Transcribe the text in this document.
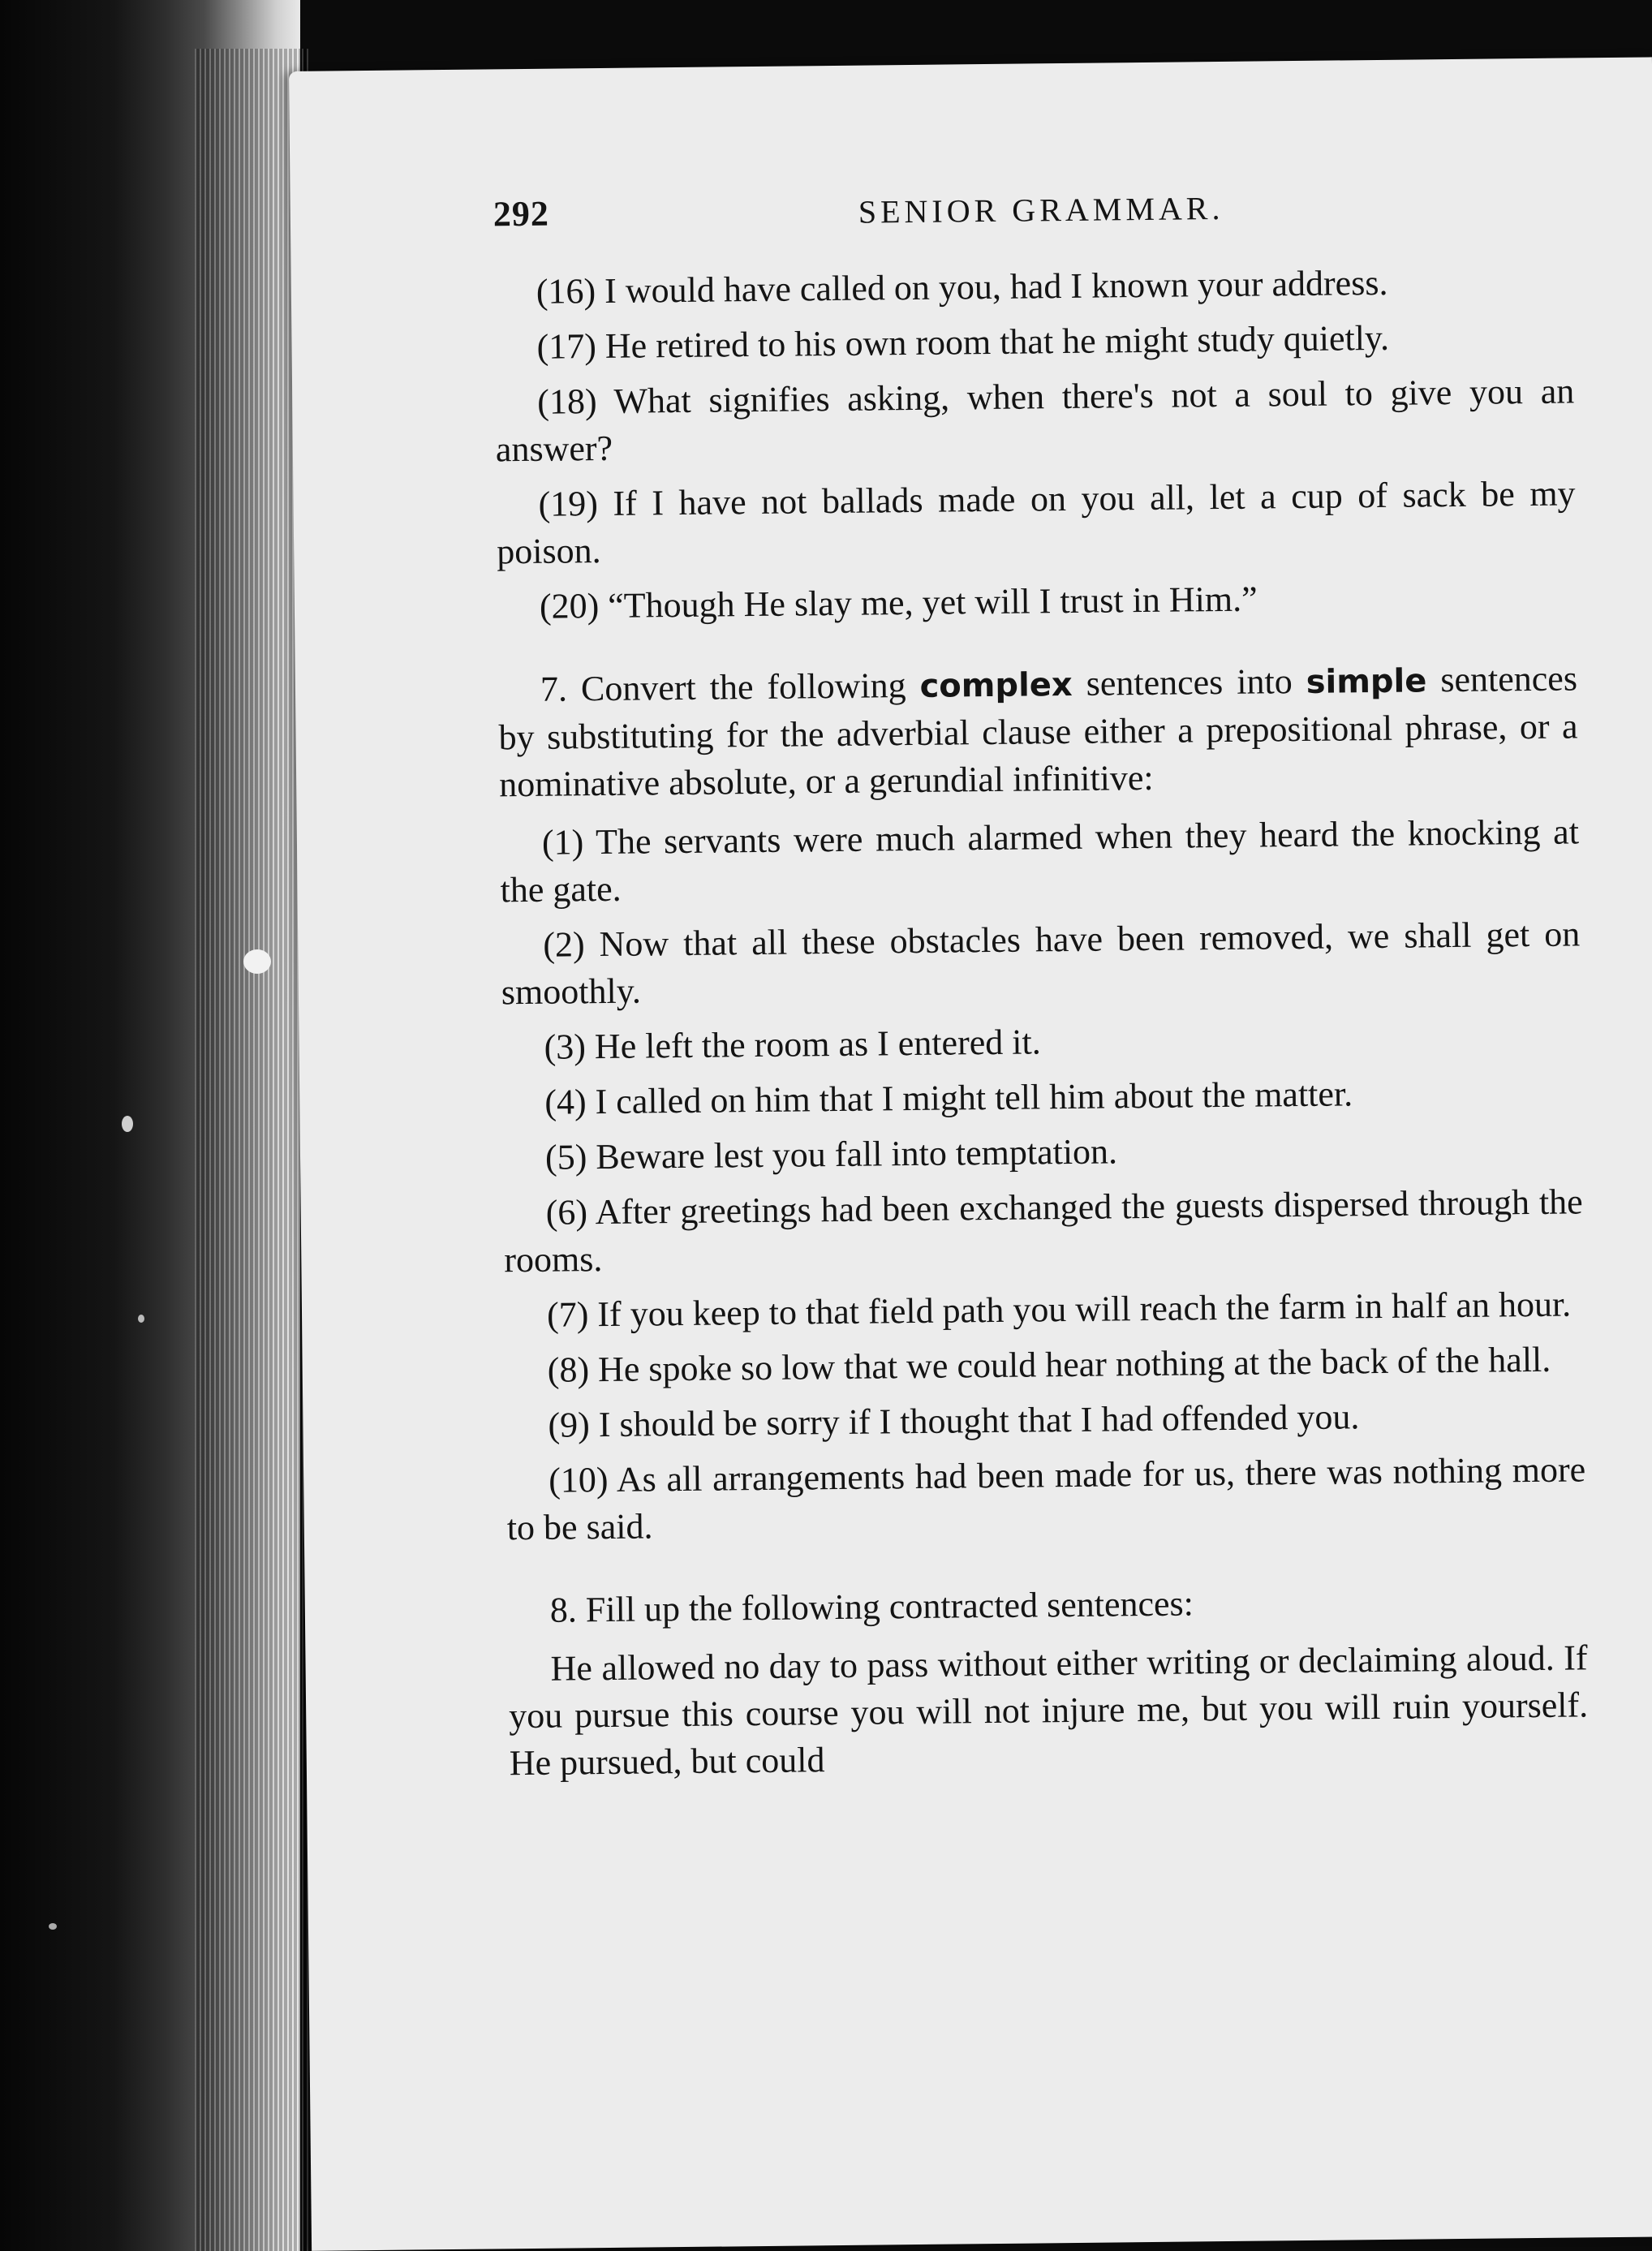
292	SENIOR GRAMMAR.

(16) I would have called on you, had I known your address.

(17) He retired to his own room that he might study quietly.

(18) What signifies asking, when there's not a soul to give you an answer?

(19) If I have not ballads made on you all, let a cup of sack be my poison.

(20) “Though He slay me, yet will I trust in Him.”

7. Convert the following complex sentences into simple sentences by substituting for the adverbial clause either a prepositional phrase, or a nominative absolute, or a gerundial infinitive:

(1) The servants were much alarmed when they heard the knocking at the gate.

(2) Now that all these obstacles have been removed, we shall get on smoothly.

(3) He left the room as I entered it.

(4) I called on him that I might tell him about the matter.

(5) Beware lest you fall into temptation.

(6) After greetings had been exchanged the guests dispersed through the rooms.

(7) If you keep to that field path you will reach the farm in half an hour.

(8) He spoke so low that we could hear nothing at the back of the hall.

(9) I should be sorry if I thought that I had offended you.

(10) As all arrangements had been made for us, there was nothing more to be said.

8. Fill up the following contracted sentences:

He allowed no day to pass without either writing or declaiming aloud. If you pursue this course you will not injure me, but you will ruin yourself. He pursued, but could
